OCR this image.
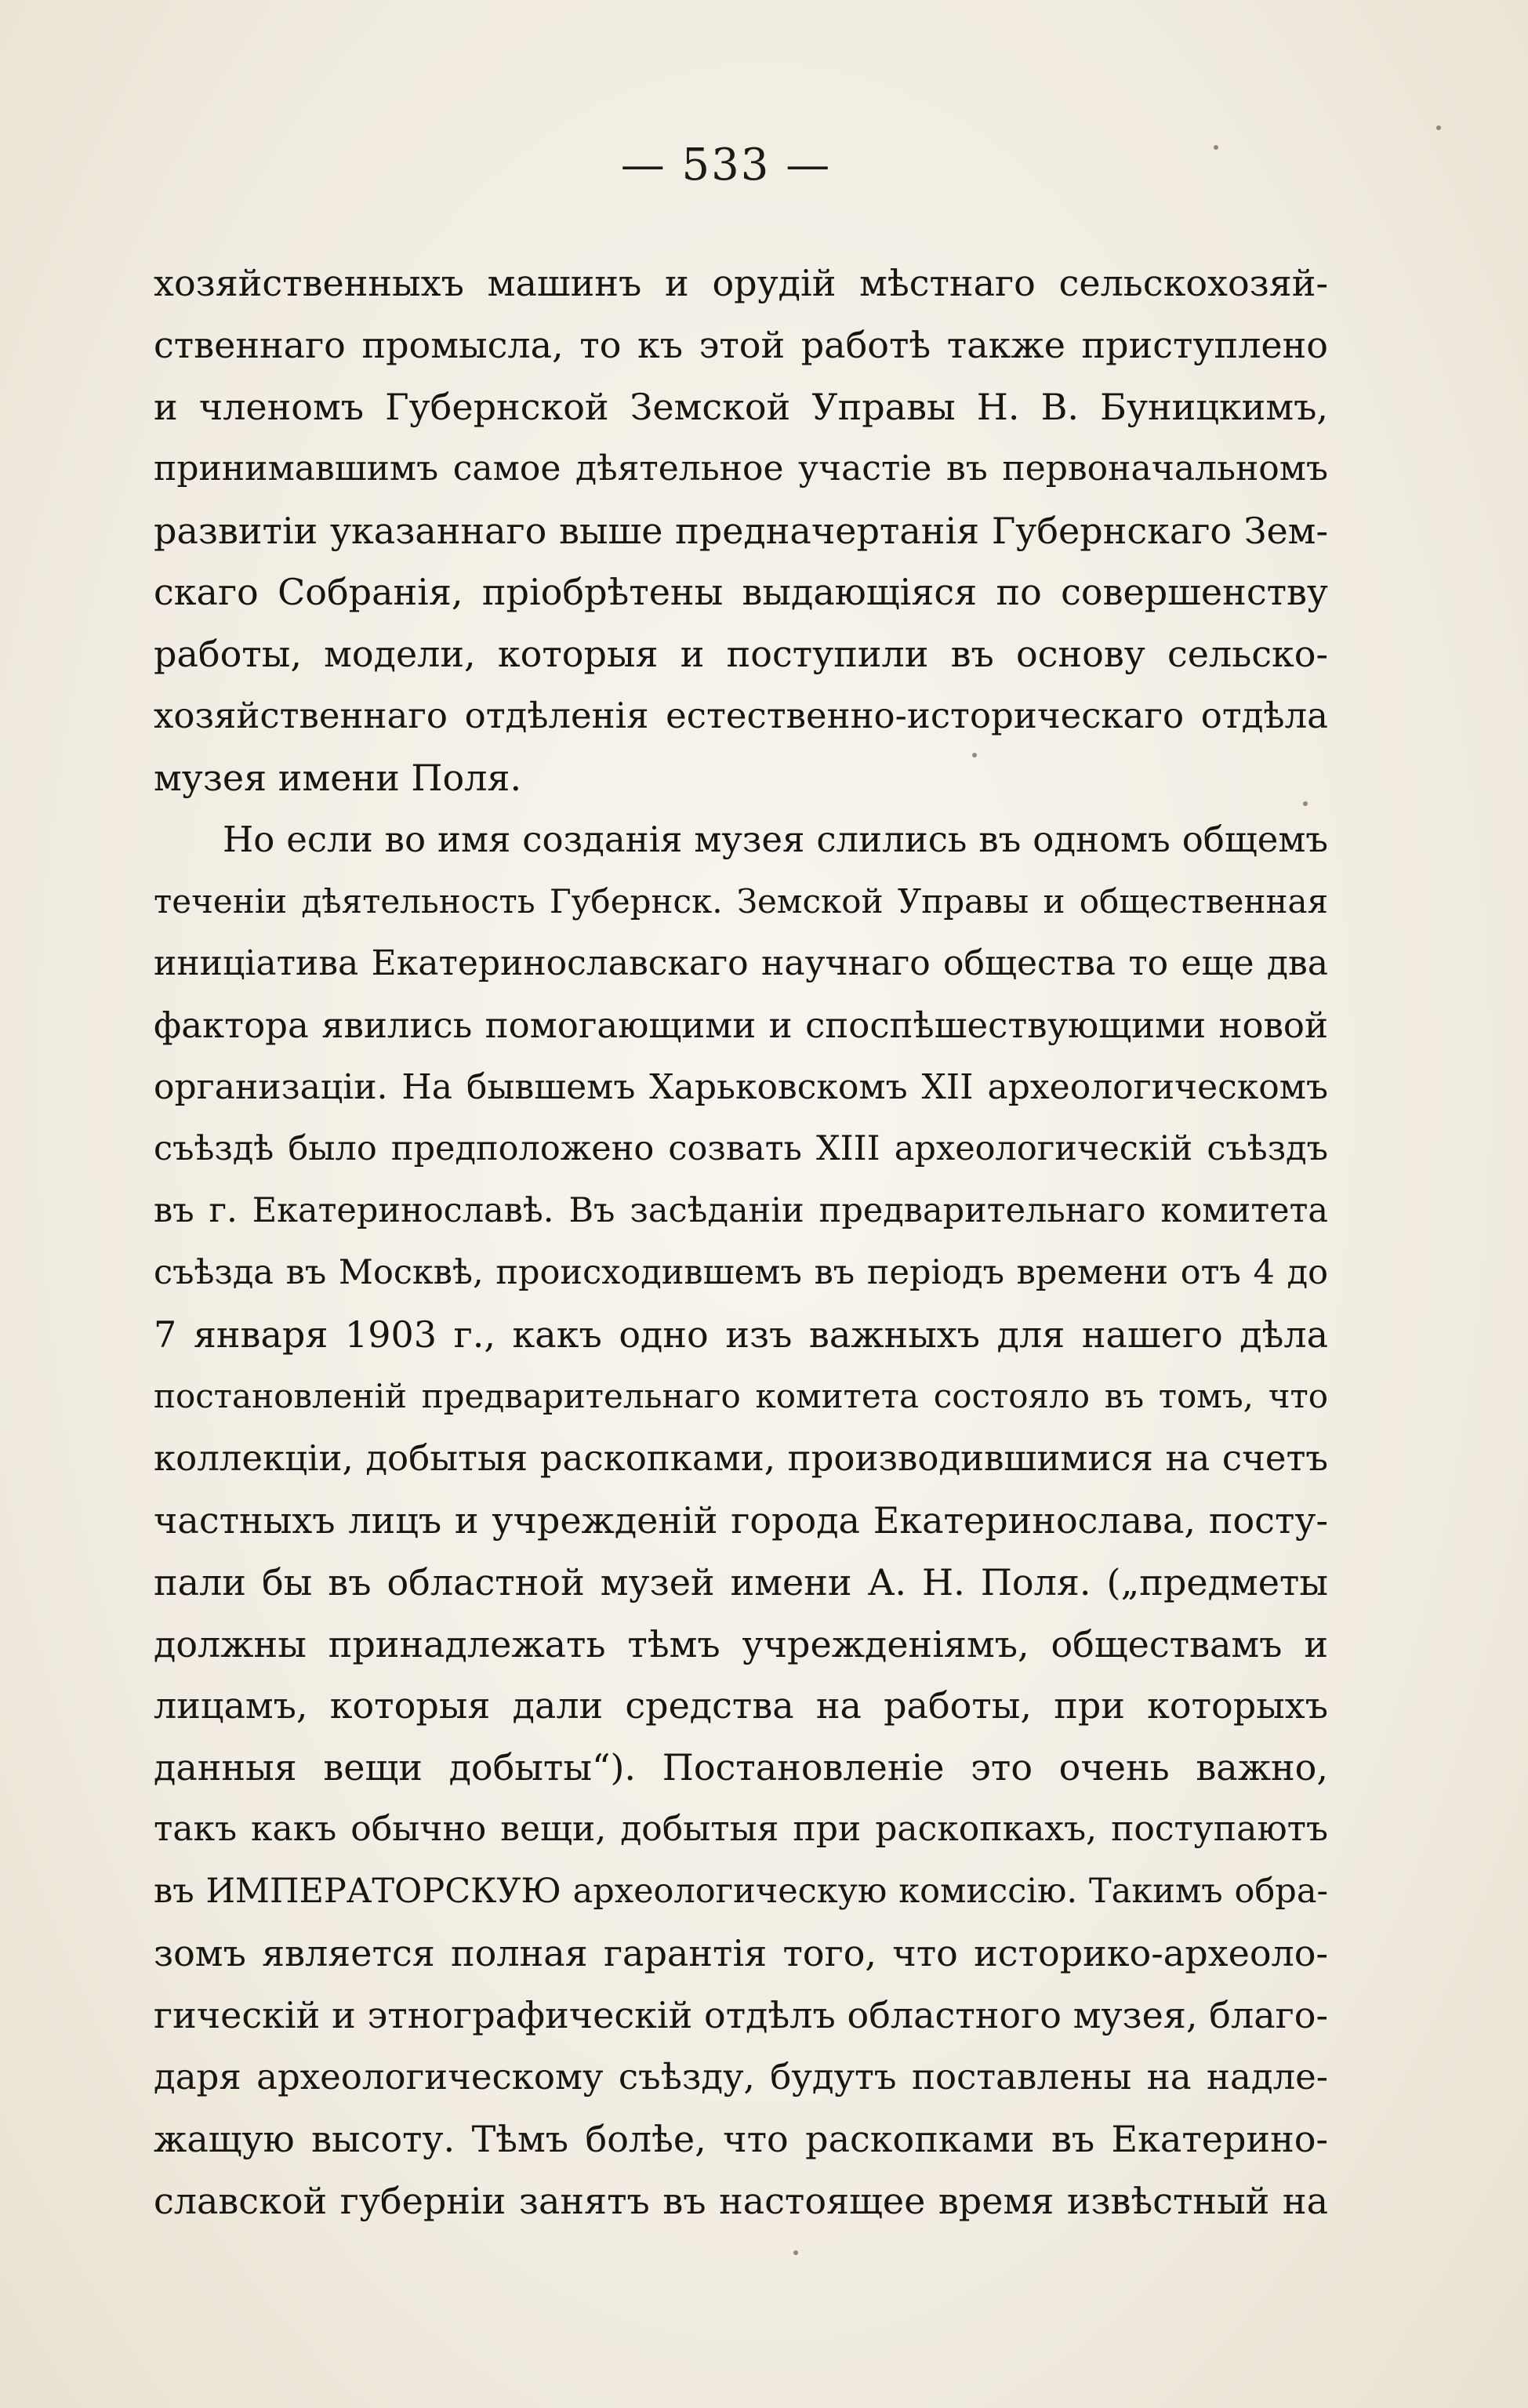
— 533 —
хозяйственныхъ машинъ и орудій мѣстнаго сельскохозяй-
ственнаго промысла, то къ этой работѣ также приступлено
и членомъ Губернской Земской Управы Н. В. Буницкимъ,
принимавшимъ самое дѣятельное участіе въ первоначальномъ
развитіи указаннаго выше предначертанія Губернскаго Зем-
скаго Собранія, пріобрѣтены выдающіяся по совершенству
работы, модели, которыя и поступили въ основу сельско-
хозяйственнаго отдѣленія естественно-историческаго отдѣла
музея имени Поля.
Но если во имя созданія музея слились въ одномъ общемъ
теченіи дѣятельность Губернск. Земской Управы и общественная
иниціатива Екатеринославскаго научнаго общества то еще два
фактора явились помогающими и споспѣшествующими новой
организаціи. На бывшемъ Харьковскомъ XII археологическомъ
съѣздѣ было предположено созвать XIII археологическій съѣздъ
въ г. Екатеринославѣ. Въ засѣданіи предварительнаго комитета
съѣзда въ Москвѣ, происходившемъ въ періодъ времени отъ 4 до
7 января 1903 г., какъ одно изъ важныхъ для нашего дѣла
постановленій предварительнаго комитета состояло въ томъ, что
коллекціи, добытыя раскопками, производившимися на счетъ
частныхъ лицъ и учрежденій города Екатеринослава, посту-
пали бы въ областной музей имени А. Н. Поля. („предметы
должны принадлежать тѣмъ учрежденіямъ, обществамъ и
лицамъ, которыя дали средства на работы, при которыхъ
данныя вещи добыты“). Постановленіе это очень важно,
такъ какъ обычно вещи, добытыя при раскопкахъ, поступаютъ
въ ИМПЕРАТОРСКУЮ археологическую комиссію. Такимъ обра-
зомъ является полная гарантія того, что историко-археоло-
гическій и этнографическій отдѣлъ областного музея, благо-
даря археологическому съѣзду, будутъ поставлены на надле-
жащую высоту. Тѣмъ болѣе, что раскопками въ Екатерино-
славской губерніи занятъ въ настоящее время извѣстный на
